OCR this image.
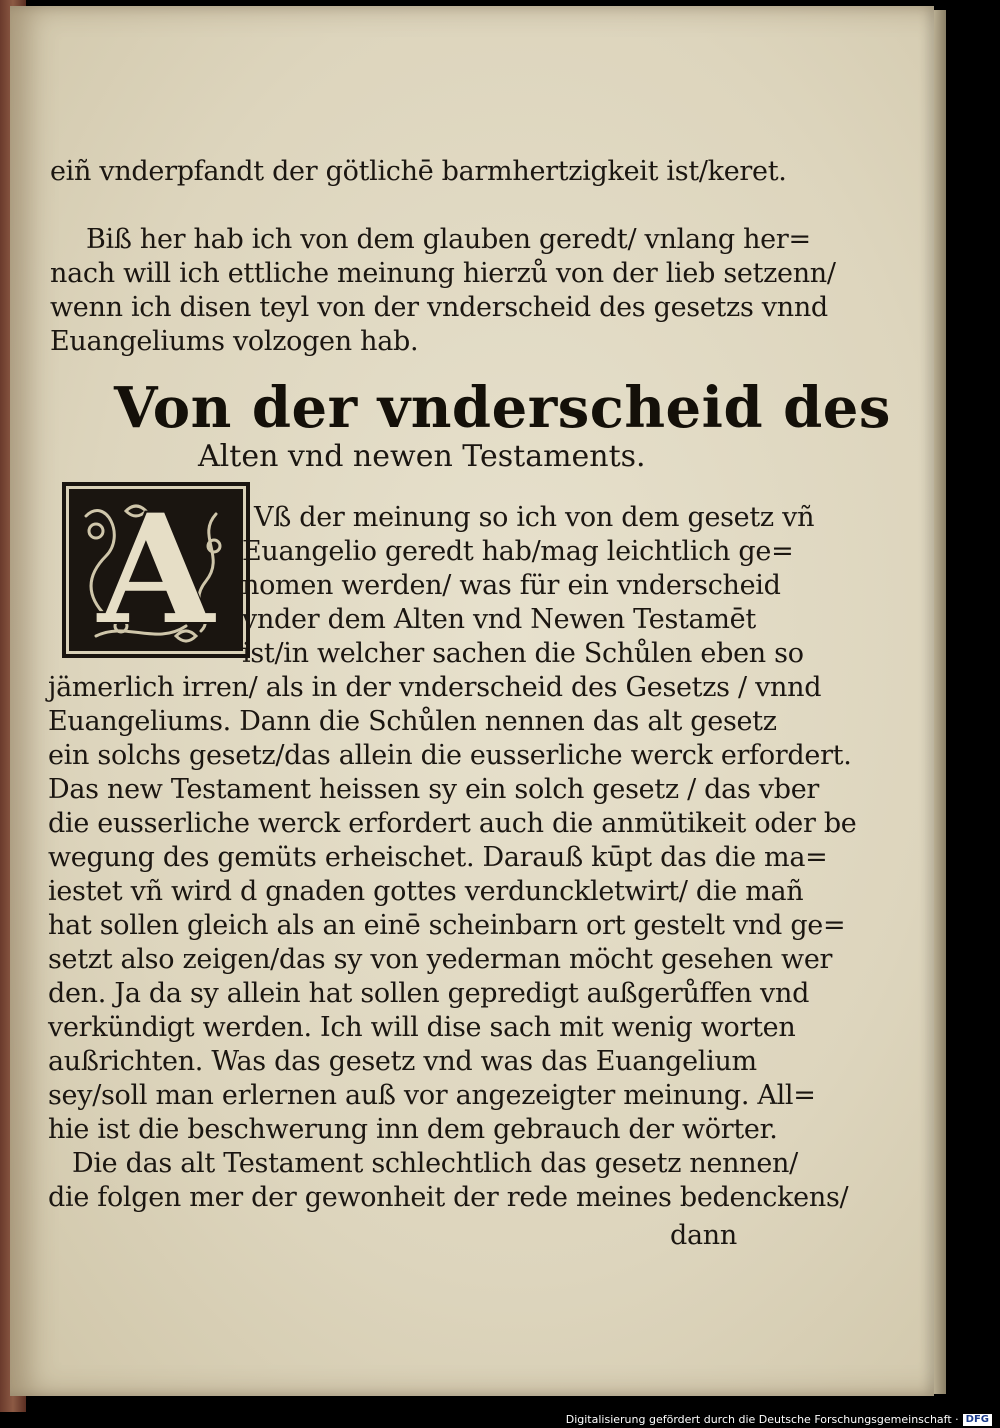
eiñ vnderpfandt der götlichē barmhertzigkeit ist/keret.
Biß her hab ich von dem glauben geredt/ vnlang her=
nach will ich ettliche meinung hierzů von der lieb setzenn/
wenn ich disen teyl von der vnderscheid des gesetzs vnnd
Euangeliums volzogen hab.
Von der vnderscheid des
Alten vnd newen Testaments.
A	Vß der meinung so ich von dem gesetz vñ
Euangelio geredt hab/mag leichtlich ge=
nomen werden/ was für ein vnderscheid
vnder dem Alten vnd Newen Testamēt
ist/in welcher sachen die Schůlen eben so
jämerlich irren/ als in der vnderscheid des Gesetzs / vnnd
Euangeliums. Dann die Schůlen nennen das alt gesetz
ein solchs gesetz/das allein die eusserliche werck erfordert.
Das new Testament heissen sy ein solch gesetz / das vber
die eusserliche werck erfordert auch die anmütikeit oder be
wegung des gemüts erheischet. Darauß kūpt das die ma=
iestet vñ wird d gnaden gottes verdunckletwirt/ die mañ
hat sollen gleich als an einē scheinbarn ort gestelt vnd ge=
setzt also zeigen/das sy von yederman möcht gesehen wer
den. Ja da sy allein hat sollen gepredigt außgerůffen vnd
verkündigt werden. Ich will dise sach mit wenig worten
außrichten. Was das gesetz vnd was das Euangelium
sey/soll man erlernen auß vor angezeigter meinung. All=
hie ist die beschwerung inn dem gebrauch der wörter.
Die das alt Testament schlechtlich das gesetz nennen/
die folgen mer der gewonheit der rede meines bedenckens/
dann
Digitalisierung gefördert durch die Deutsche Forschungsgemeinschaft · DFG
